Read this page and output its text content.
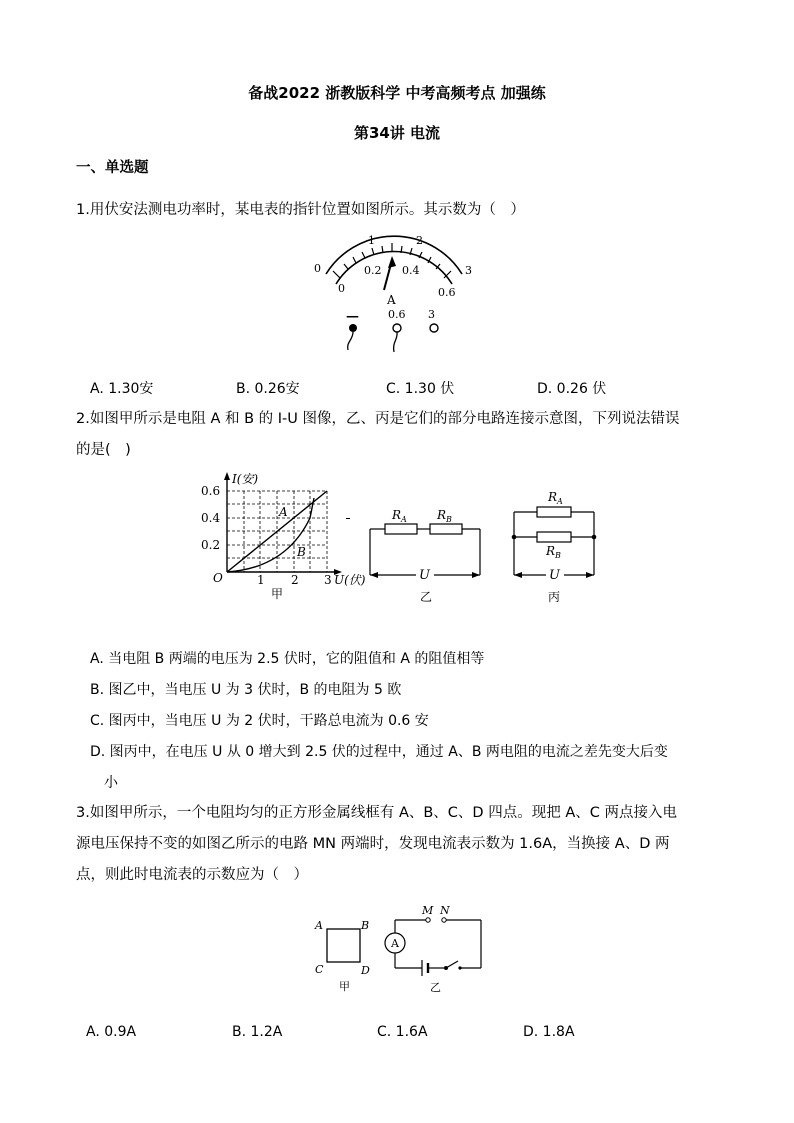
备战2022 浙教版科学 中考高频考点 加强练
第34讲 电流
一、单选题
1.用伏安法测电功率时，某电表的指针位置如图所示。其示数为（　）
0
1	2
3
0
0.2 0.4
0.6
A
—	0.6 3
A. 1.30安	B. 0.26安	C. 1.30 伏	D. 0.26 伏
2.如图甲所示是电阻 A 和 B 的 I-U 图像，乙、丙是它们的部分电路连接示意图，下列说法错误
的是(　)
I(安)
0.6
0.4
0.2
O	1 2 3 U(伏)
A
B
甲
$R_A$	$R_B$
U
乙
$R_A$
$R_B$
U
丙
A. 当电阻 B 两端的电压为 2.5 伏时，它的阻值和 A 的阻值相等
B. 图乙中，当电压 U 为 3 伏时，B 的电阻为 5 欧
C. 图丙中，当电压 U 为 2 伏时，干路总电流为 0.6 安
D. 图丙中，在电压 U 从 0 增大到 2.5 伏的过程中，通过 A、B 两电阻的电流之差先变大后变
小
3.如图甲所示，一个电阻均匀的正方形金属线框有 A、B、C、D 四点。现把 A、C 两点接入电
源电压保持不变的如图乙所示的电路 MN 两端时，发现电流表示数为 1.6A，当换接 A、D 两
点，则此时电流表的示数应为（　）
A	B
C	D
甲
M N
A
乙
A. 0.9A	B. 1.2A	C. 1.6A	D. 1.8A
